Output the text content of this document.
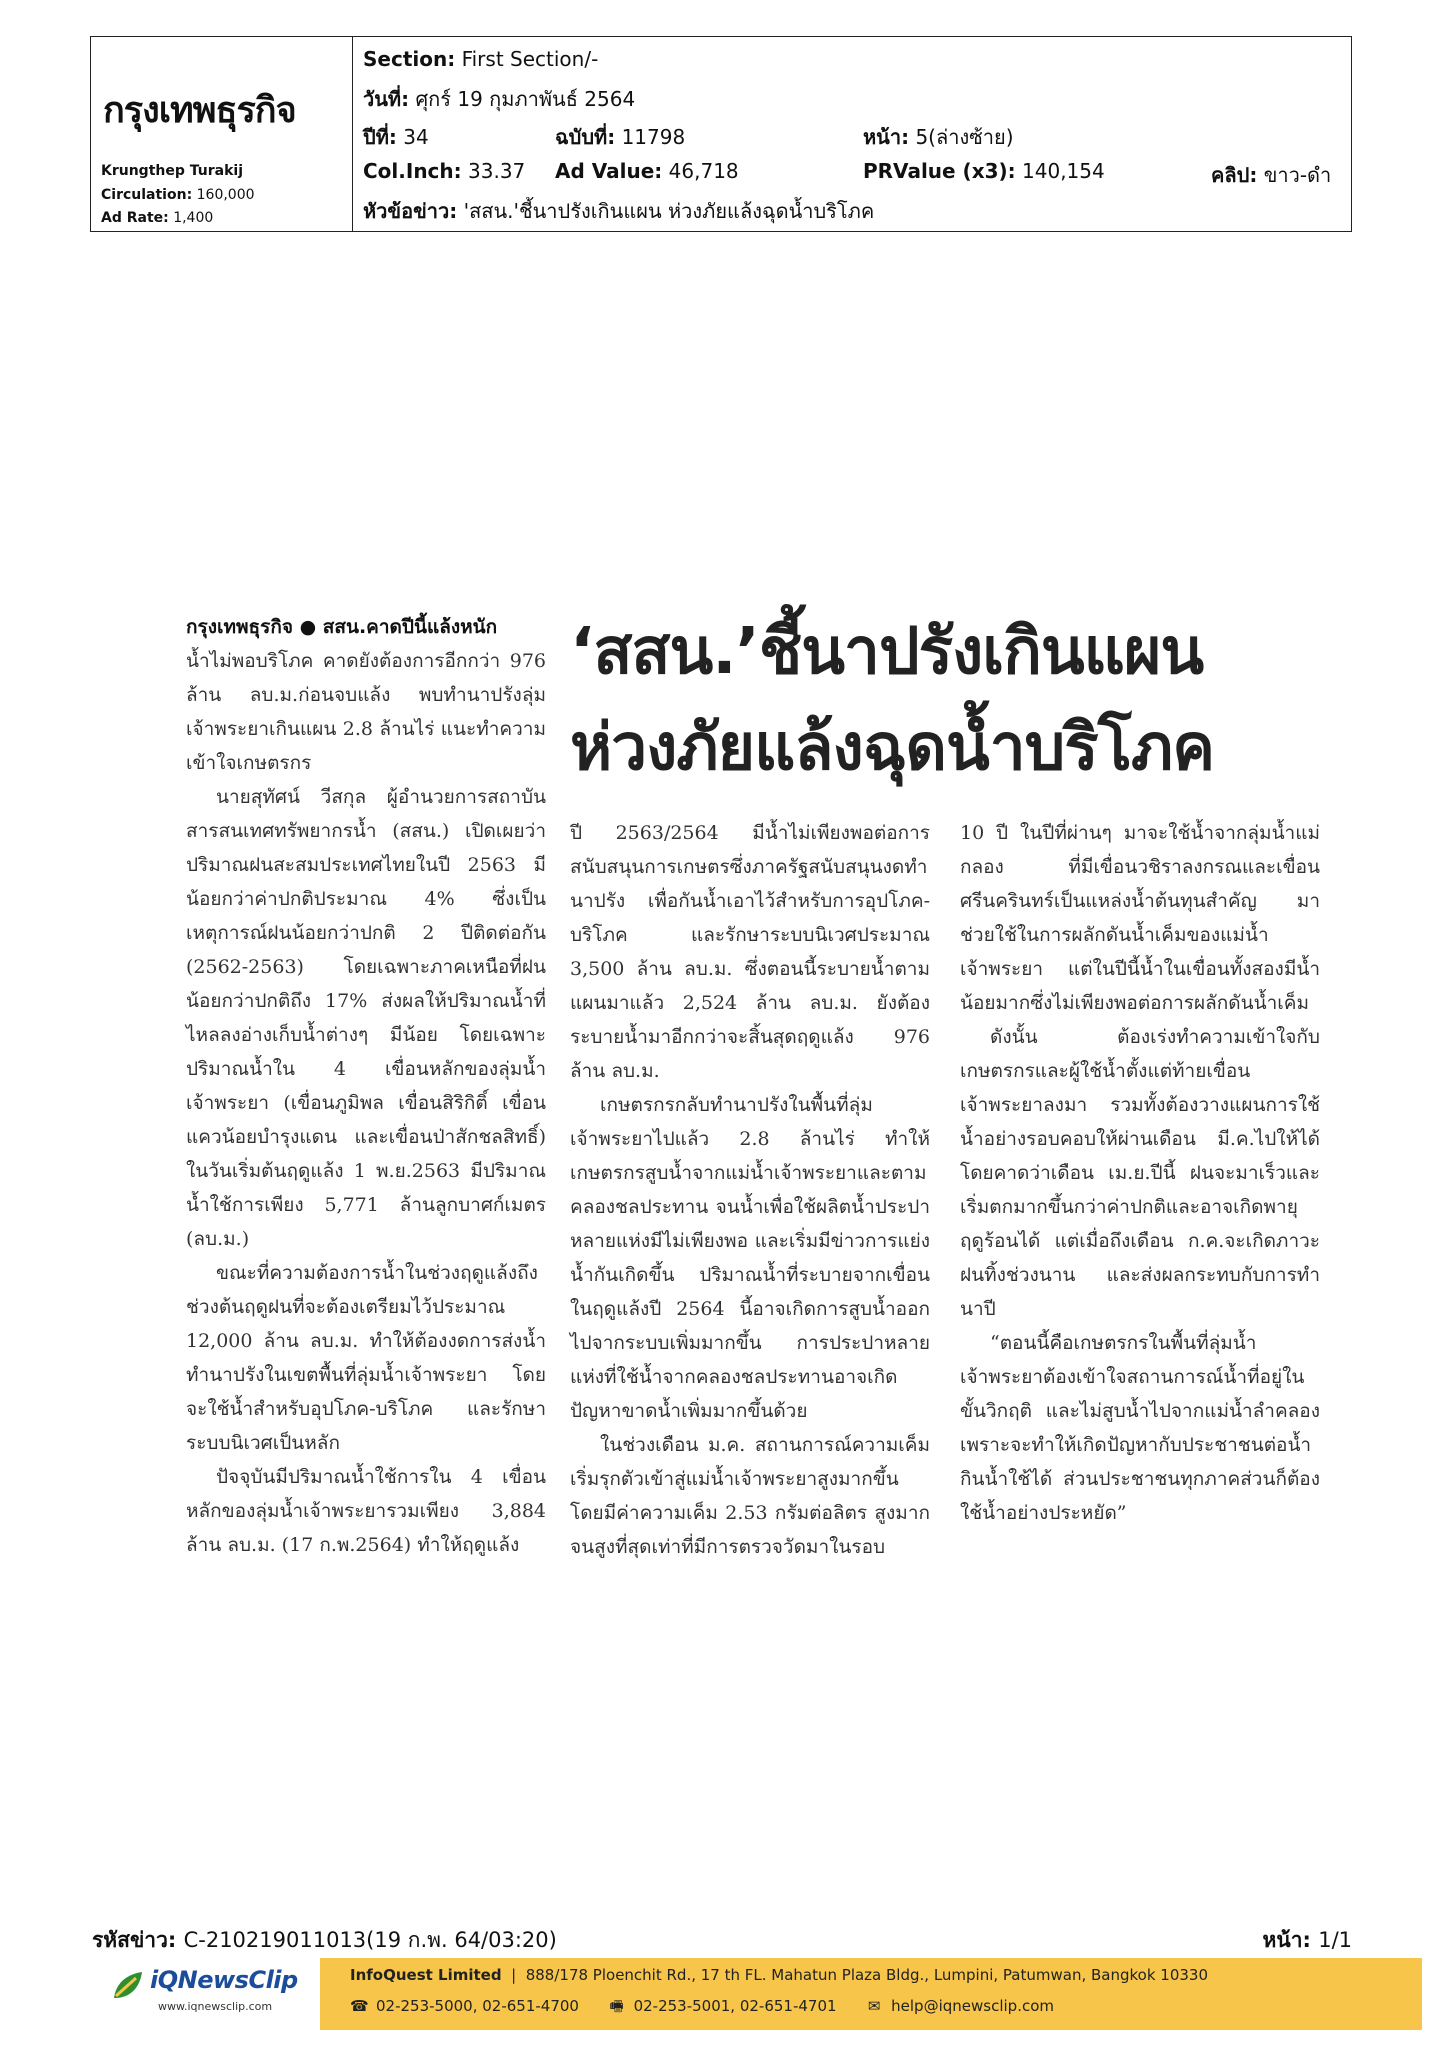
กรุงเทพธุรกิจ
Krungthep Turakij
Circulation: 160,000
Ad Rate: 1,400
Section: First Section/-
วันที่: ศุกร์ 19 กุมภาพันธ์ 2564
ปีที่: 34	ฉบับที่: 11798	หน้า: 5(ล่างซ้าย)
Col.Inch: 33.37 Ad Value: 46,718	PRValue (x3): 140,154	คลิป: ขาว-ดำ
หัวข้อข่าว: 'สสน.'ชี้นาปรังเกินแผน ห่วงภัยแล้งฉุดน้ำบริโภค
‘สสน.’ชี้นาปรังเกินแผน
ห่วงภัยแล้งฉุดน้ำบริโภค

กรุงเทพธุรกิจ ● สสน.คาดปีนี้แล้งหนัก

น้ำไม่พอบริโภค คาดยังต้องการอีกกว่า 976 ล้าน ลบ.ม.ก่อนจบแล้ง พบทำนาปรังลุ่มเจ้าพระยาเกินแผน 2.8 ล้านไร่ แนะทำความเข้าใจเกษตรกร

นายสุทัศน์ วีสกุล ผู้อำนวยการสถาบันสารสนเทศทรัพยากรน้ำ (สสน.) เปิดเผยว่าปริมาณฝนสะสมประเทศไทยในปี 2563 มีน้อยกว่าค่าปกติประมาณ 4% ซึ่งเป็นเหตุการณ์ฝนน้อยกว่าปกติ 2 ปีติดต่อกัน (2562-2563) โดยเฉพาะภาคเหนือที่ฝนน้อยกว่าปกติถึง 17% ส่งผลให้ปริมาณน้ำที่ไหลลงอ่างเก็บน้ำต่างๆ มีน้อย โดยเฉพาะปริมาณน้ำใน 4 เขื่อนหลักของลุ่มน้ำเจ้าพระยา (เขื่อนภูมิพล เขื่อนสิริกิติ์ เขื่อนแควน้อยบำรุงแดน และเขื่อนป่าสักชลสิทธิ์) ในวันเริ่มต้นฤดูแล้ง 1 พ.ย.2563 มีปริมาณน้ำใช้การเพียง 5,771 ล้านลูกบาศก์เมตร (ลบ.ม.)

ขณะที่ความต้องการน้ำในช่วงฤดูแล้งถึงช่วงต้นฤดูฝนที่จะต้องเตรียมไว้ประมาณ 12,000 ล้าน ลบ.ม. ทำให้ต้องงดการส่งน้ำทำนาปรังในเขตพื้นที่ลุ่มน้ำเจ้าพระยา โดยจะใช้น้ำสำหรับอุปโภค-บริโภค และรักษาระบบนิเวศเป็นหลัก

ปัจจุบันมีปริมาณน้ำใช้การใน 4 เขื่อนหลักของลุ่มน้ำเจ้าพระยารวมเพียง 3,884 ล้าน ลบ.ม. (17 ก.พ.2564) ทำให้ฤดูแล้ง

ปี 2563/2564 มีน้ำไม่เพียงพอต่อการสนับสนุนการเกษตรซึ่งภาครัฐสนับสนุนงดทำนาปรัง เพื่อกันน้ำเอาไว้สำหรับการอุปโภค-บริโภค และรักษาระบบนิเวศประมาณ 3,500 ล้าน ลบ.ม. ซึ่งตอนนี้ระบายน้ำตามแผนมาแล้ว 2,524 ล้าน ลบ.ม. ยังต้องระบายน้ำมาอีกกว่าจะสิ้นสุดฤดูแล้ง 976 ล้าน ลบ.ม.

เกษตรกรกลับทำนาปรังในพื้นที่ลุ่มเจ้าพระยาไปแล้ว 2.8 ล้านไร่ ทำให้เกษตรกรสูบน้ำจากแม่น้ำเจ้าพระยาและตามคลองชลประทาน จนน้ำเพื่อใช้ผลิตน้ำประปาหลายแห่งมีไม่เพียงพอ และเริ่มมีข่าวการแย่งน้ำกันเกิดขึ้น ปริมาณน้ำที่ระบายจากเขื่อนในฤดูแล้งปี 2564 นี้อาจเกิดการสูบน้ำออกไปจากระบบเพิ่มมากขึ้น การประปาหลายแห่งที่ใช้น้ำจากคลองชลประทานอาจเกิดปัญหาขาดน้ำเพิ่มมากขึ้นด้วย

ในช่วงเดือน ม.ค. สถานการณ์ความเค็มเริ่มรุกตัวเข้าสู่แม่น้ำเจ้าพระยาสูงมากขึ้น โดยมีค่าความเค็ม 2.53 กรัมต่อลิตร สูงมากจนสูงที่สุดเท่าที่มีการตรวจวัดมาในรอบ

10 ปี ในปีที่ผ่านๆ มาจะใช้น้ำจากลุ่มน้ำแม่กลอง ที่มีเขื่อนวชิราลงกรณและเขื่อนศรีนครินทร์เป็นแหล่งน้ำต้นทุนสำคัญ มาช่วยใช้ในการผลักดันน้ำเค็มของแม่น้ำเจ้าพระยา แต่ในปีนี้น้ำในเขื่อนทั้งสองมีน้ำน้อยมากซึ่งไม่เพียงพอต่อการผลักดันน้ำเค็ม

ดังนั้น ต้องเร่งทำความเข้าใจกับเกษตรกรและผู้ใช้น้ำตั้งแต่ท้ายเขื่อนเจ้าพระยาลงมา รวมทั้งต้องวางแผนการใช้น้ำอย่างรอบคอบให้ผ่านเดือน มี.ค.ไปให้ได้ โดยคาดว่าเดือน เม.ย.ปีนี้ ฝนจะมาเร็วและเริ่มตกมากขึ้นกว่าค่าปกติและอาจเกิดพายุฤดูร้อนได้ แต่เมื่อถึงเดือน ก.ค.จะเกิดภาวะฝนทิ้งช่วงนาน และส่งผลกระทบกับการทำนาปี

“ตอนนี้คือเกษตรกรในพื้นที่ลุ่มน้ำเจ้าพระยาต้องเข้าใจสถานการณ์น้ำที่อยู่ในขั้นวิกฤติ และไม่สูบน้ำไปจากแม่น้ำลำคลอง เพราะจะทำให้เกิดปัญหากับประชาชนต่อน้ำกินน้ำใช้ได้ ส่วนประชาชนทุกภาคส่วนก็ต้องใช้น้ำอย่างประหยัด”

รหัสข่าว: C-210219011013(19 ก.พ. 64/03:20)	หน้า: 1/1
iQNewsClip
www.iqnewsclip.com
InfoQuest Limited  |  888/178 Ploenchit Rd., 17 th FL. Mahatun Plaza Bldg., Lumpini, Patumwan, Bangkok 10330
☎ 02-253-5000, 02-651-4700 🖷 02-253-5001, 02-651-4701 ✉ help@iqnewsclip.com
